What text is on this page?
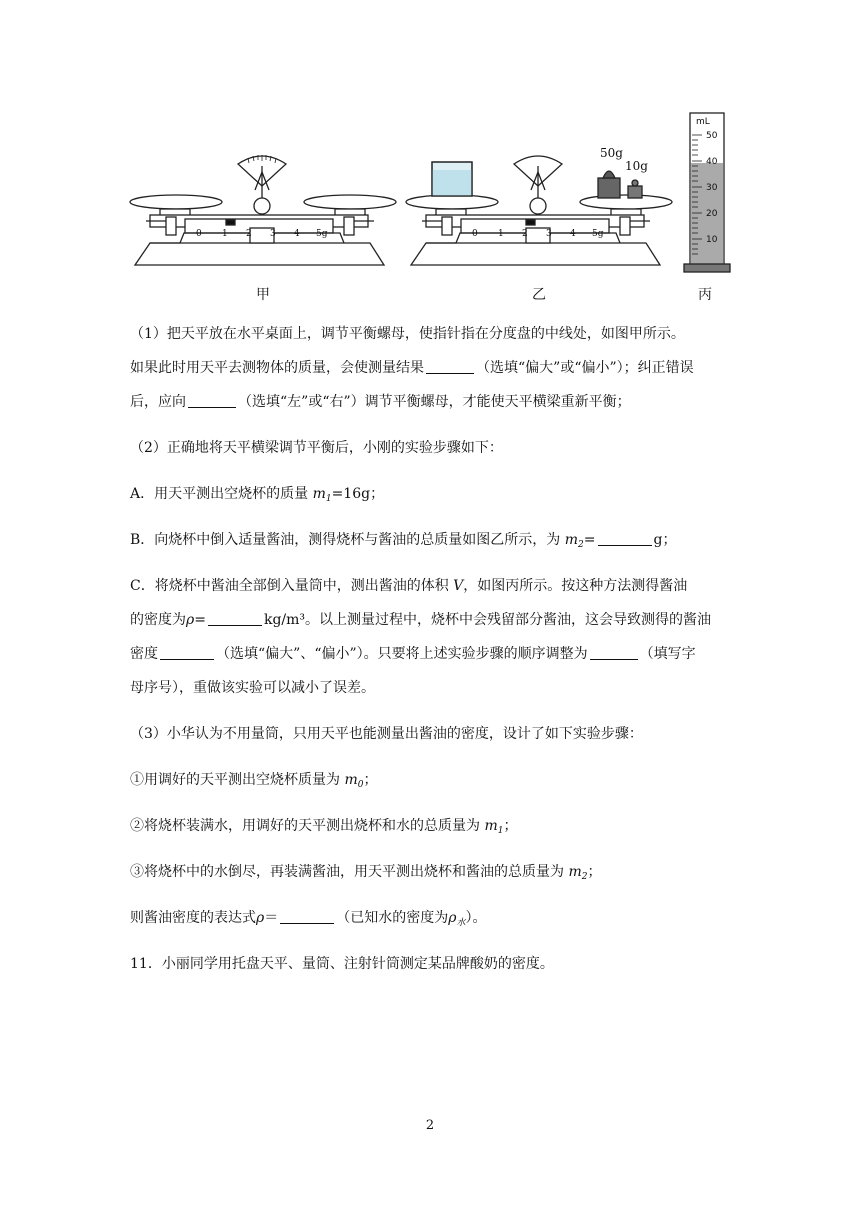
0 1 2 3 4 5g	0 1 2 3 4 5g
50g
10g
mL
50
40
30
20
10
甲	乙	丙
（1）把天平放在水平桌面上，调节平衡螺母，使指针指在分度盘的中线处，如图甲所示。
如果此时用天平去测物体的质量，会使测量结果	（选填“偏大”或“偏小”）；纠正错误
后，应向	（选填“左”或“右”）调节平衡螺母，才能使天平横梁重新平衡；
（2）正确地将天平横梁调节平衡后，小刚的实验步骤如下：
A．用天平测出空烧杯的质量 $m_1=16g$；
B．向烧杯中倒入适量酱油，测得烧杯与酱油的总质量如图乙所示，为 $m_2=$	g；
C．将烧杯中酱油全部倒入量筒中，测出酱油的体积 V，如图丙所示。按这种方法测得酱油
的密度为ρ=	kg/m³。以上测量过程中，烧杯中会残留部分酱油，这会导致测得的酱油
密度	（选填“偏大”、“偏小”）。只要将上述实验步骤的顺序调整为	（填写字
母序号），重做该实验可以减小了误差。
（3）小华认为不用量筒，只用天平也能测量出酱油的密度，设计了如下实验步骤：
①用调好的天平测出空烧杯质量为 $m_0$；
②将烧杯装满水，用调好的天平测出烧杯和水的总质量为 $m_1$；
③将烧杯中的水倒尽，再装满酱油，用天平测出烧杯和酱油的总质量为 $m_2$；
则酱油密度的表达式ρ＝	（已知水的密度为$\rho_水$）。
11．小丽同学用托盘天平、量筒、注射针筒测定某品牌酸奶的密度。
2
